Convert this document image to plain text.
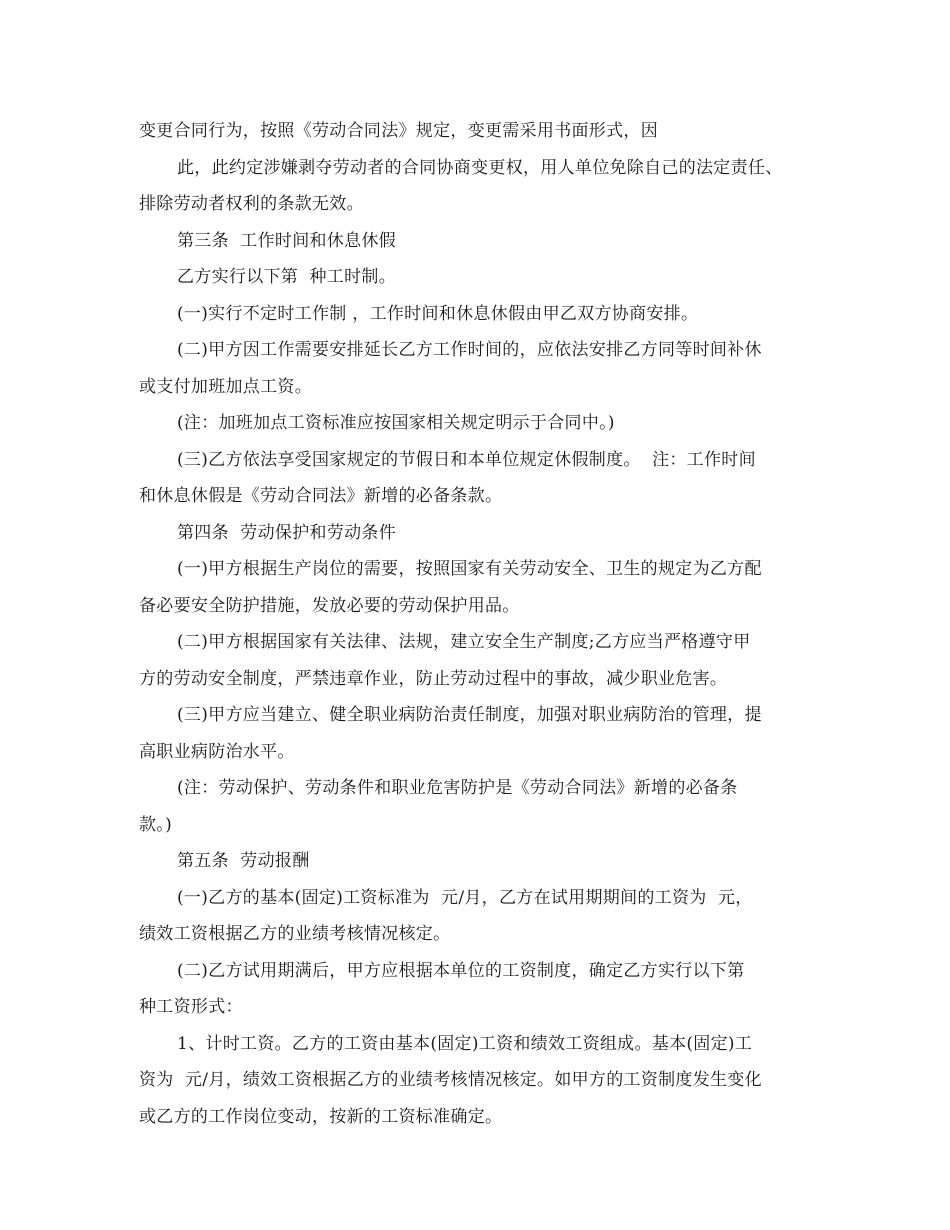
变更合同行为，按照《劳动合同法》规定，变更需采用书面形式，因
此，此约定涉嫌剥夺劳动者的合同协商变更权，用人单位免除自己的法定责任、
排除劳动者权利的条款无效。
第三条  工作时间和休息休假
乙方实行以下第  种工时制。
(一)实行不定时工作制 ，工作时间和休息休假由甲乙双方协商安排。
(二)甲方因工作需要安排延长乙方工作时间的，应依法安排乙方同等时间补休
或支付加班加点工资。
(注：加班加点工资标准应按国家相关规定明示于合同中。)
(三)乙方依法享受国家规定的节假日和本单位规定休假制度。  注：工作时间
和休息休假是《劳动合同法》新增的必备条款。
第四条  劳动保护和劳动条件
(一)甲方根据生产岗位的需要，按照国家有关劳动安全、卫生的规定为乙方配
备必要安全防护措施，发放必要的劳动保护用品。
(二)甲方根据国家有关法律、法规，建立安全生产制度;乙方应当严格遵守甲
方的劳动安全制度，严禁违章作业，防止劳动过程中的事故，减少职业危害。
(三)甲方应当建立、健全职业病防治责任制度，加强对职业病防治的管理，提
高职业病防治水平。
(注：劳动保护、劳动条件和职业危害防护是《劳动合同法》新增的必备条
款。)
第五条  劳动报酬
(一)乙方的基本(固定)工资标准为  元/月，乙方在试用期期间的工资为  元，
绩效工资根据乙方的业绩考核情况核定。
(二)乙方试用期满后，甲方应根据本单位的工资制度，确定乙方实行以下第
种工资形式：
1、计时工资。乙方的工资由基本(固定)工资和绩效工资组成。基本(固定)工
资为  元/月，绩效工资根据乙方的业绩考核情况核定。如甲方的工资制度发生变化
或乙方的工作岗位变动，按新的工资标准确定。
